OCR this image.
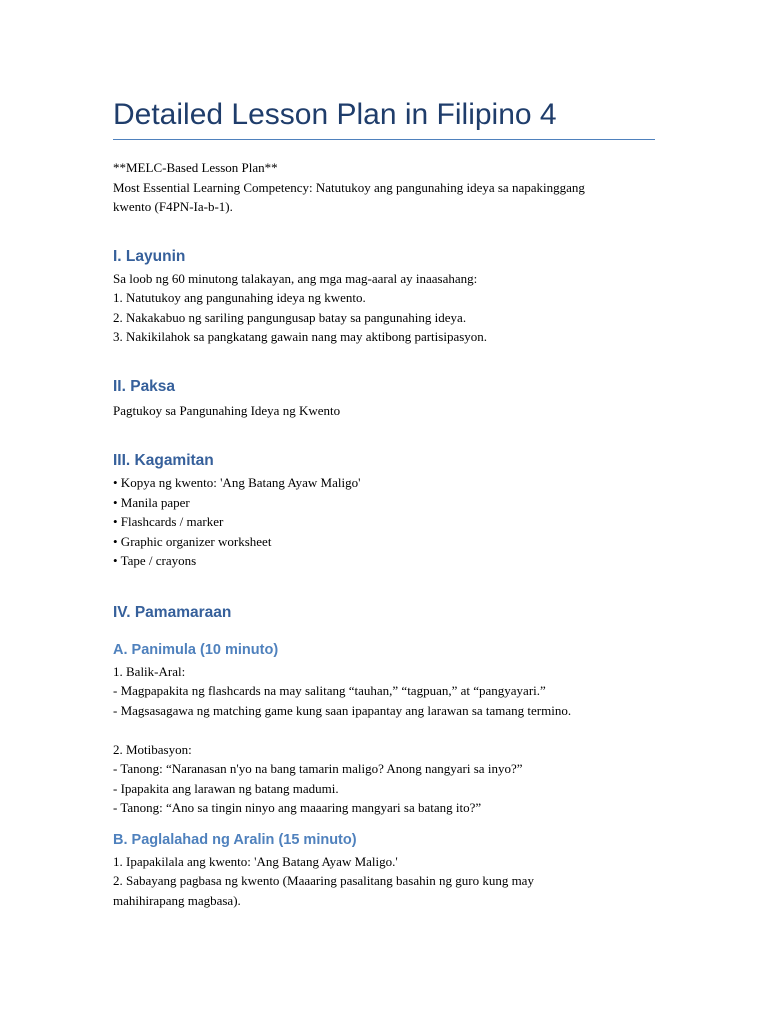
Detailed Lesson Plan in Filipino 4

**MELC-Based Lesson Plan**

Most Essential Learning Competency: Natutukoy ang pangunahing ideya sa napakinggang

kwento (F4PN-Ia-b-1).

I. Layunin

Sa loob ng 60 minutong talakayan, ang mga mag-aaral ay inaasahang:

1. Natutukoy ang pangunahing ideya ng kwento.

2. Nakakabuo ng sariling pangungusap batay sa pangunahing ideya.

3. Nakikilahok sa pangkatang gawain nang may aktibong partisipasyon.

II. Paksa

Pagtukoy sa Pangunahing Ideya ng Kwento

III. Kagamitan

• Kopya ng kwento: 'Ang Batang Ayaw Maligo'

• Manila paper

• Flashcards / marker

• Graphic organizer worksheet

• Tape / crayons

IV. Pamamaraan
A. Panimula (10 minuto)

1. Balik-Aral:

- Magpapakita ng flashcards na may salitang “tauhan,” “tagpuan,” at “pangyayari.”

- Magsasagawa ng matching game kung saan ipapantay ang larawan sa tamang termino.

2. Motibasyon:

- Tanong: “Naranasan n'yo na bang tamarin maligo? Anong nangyari sa inyo?”

- Ipapakita ang larawan ng batang madumi.

- Tanong: “Ano sa tingin ninyo ang maaaring mangyari sa batang ito?”

B. Paglalahad ng Aralin (15 minuto)

1. Ipapakilala ang kwento: 'Ang Batang Ayaw Maligo.'

2. Sabayang pagbasa ng kwento (Maaaring pasalitang basahin ng guro kung may

mahihirapang magbasa).
